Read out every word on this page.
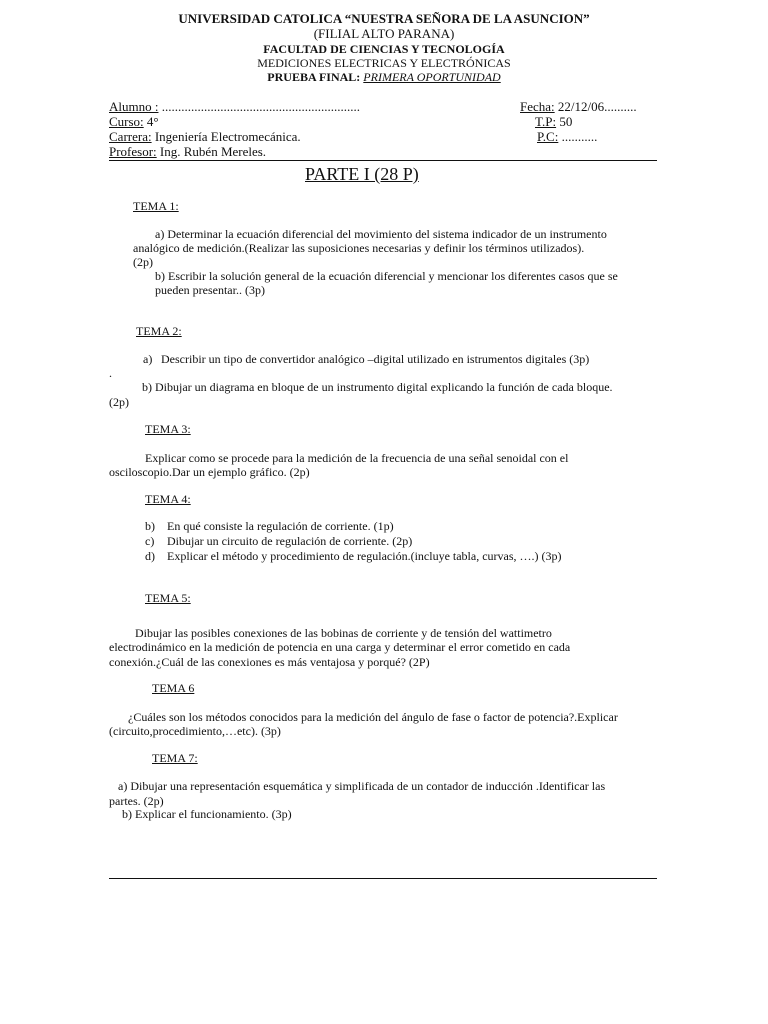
UNIVERSIDAD CATOLICA “NUESTRA SEÑORA DE LA ASUNCION”
(FILIAL ALTO PARANA)
FACULTAD DE CIENCIAS Y TECNOLOGÍA
MEDICIONES ELECTRICAS Y ELECTRÓNICAS
PRUEBA FINAL: PRIMERA OPORTUNIDAD
Alumno : .............................................................	Fecha: 22/12/06..........
Curso: 4°	T.P: 50
Carrera: Ingeniería Electromecánica.	P.C: ...........
Profesor: Ing. Rubén Mereles.
PARTE I (28 P)
TEMA 1:
a) Determinar la ecuación diferencial del movimiento del sistema indicador de un instrumento
analógico de medición.(Realizar las suposiciones necesarias y definir los términos utilizados).
(2p)
b) Escribir la solución general de la ecuación diferencial y mencionar los diferentes casos que se
pueden presentar.. (3p)
TEMA 2:
a) Describir un tipo de convertidor analógico –digital utilizado en istrumentos digitales (3p)
.
b) Dibujar un diagrama en bloque de un instrumento digital explicando la función de cada bloque.
(2p)
TEMA 3:
Explicar como se procede para la medición de la frecuencia de una señal senoidal con el
osciloscopio.Dar un ejemplo gráfico. (2p)
TEMA 4:
b) En qué consiste la regulación de corriente. (1p)
c) Dibujar un circuito de regulación de corriente. (2p)
d) Explicar el método y procedimiento de regulación.(incluye tabla, curvas, ….) (3p)
TEMA 5:
Dibujar las posibles conexiones de las bobinas de corriente y de tensión del wattimetro
electrodinámico en la medición de potencia en una carga y determinar el error cometido en cada
conexión.¿Cuál de las conexiones es más ventajosa y porqué? (2P)
TEMA 6
¿Cuáles son los métodos conocidos para la medición del ángulo de fase o factor de potencia?.Explicar
(circuito,procedimiento,…etc). (3p)
TEMA 7:
a) Dibujar una representación esquemática y simplificada de un contador de inducción .Identificar las
partes. (2p)
b) Explicar el funcionamiento. (3p)
